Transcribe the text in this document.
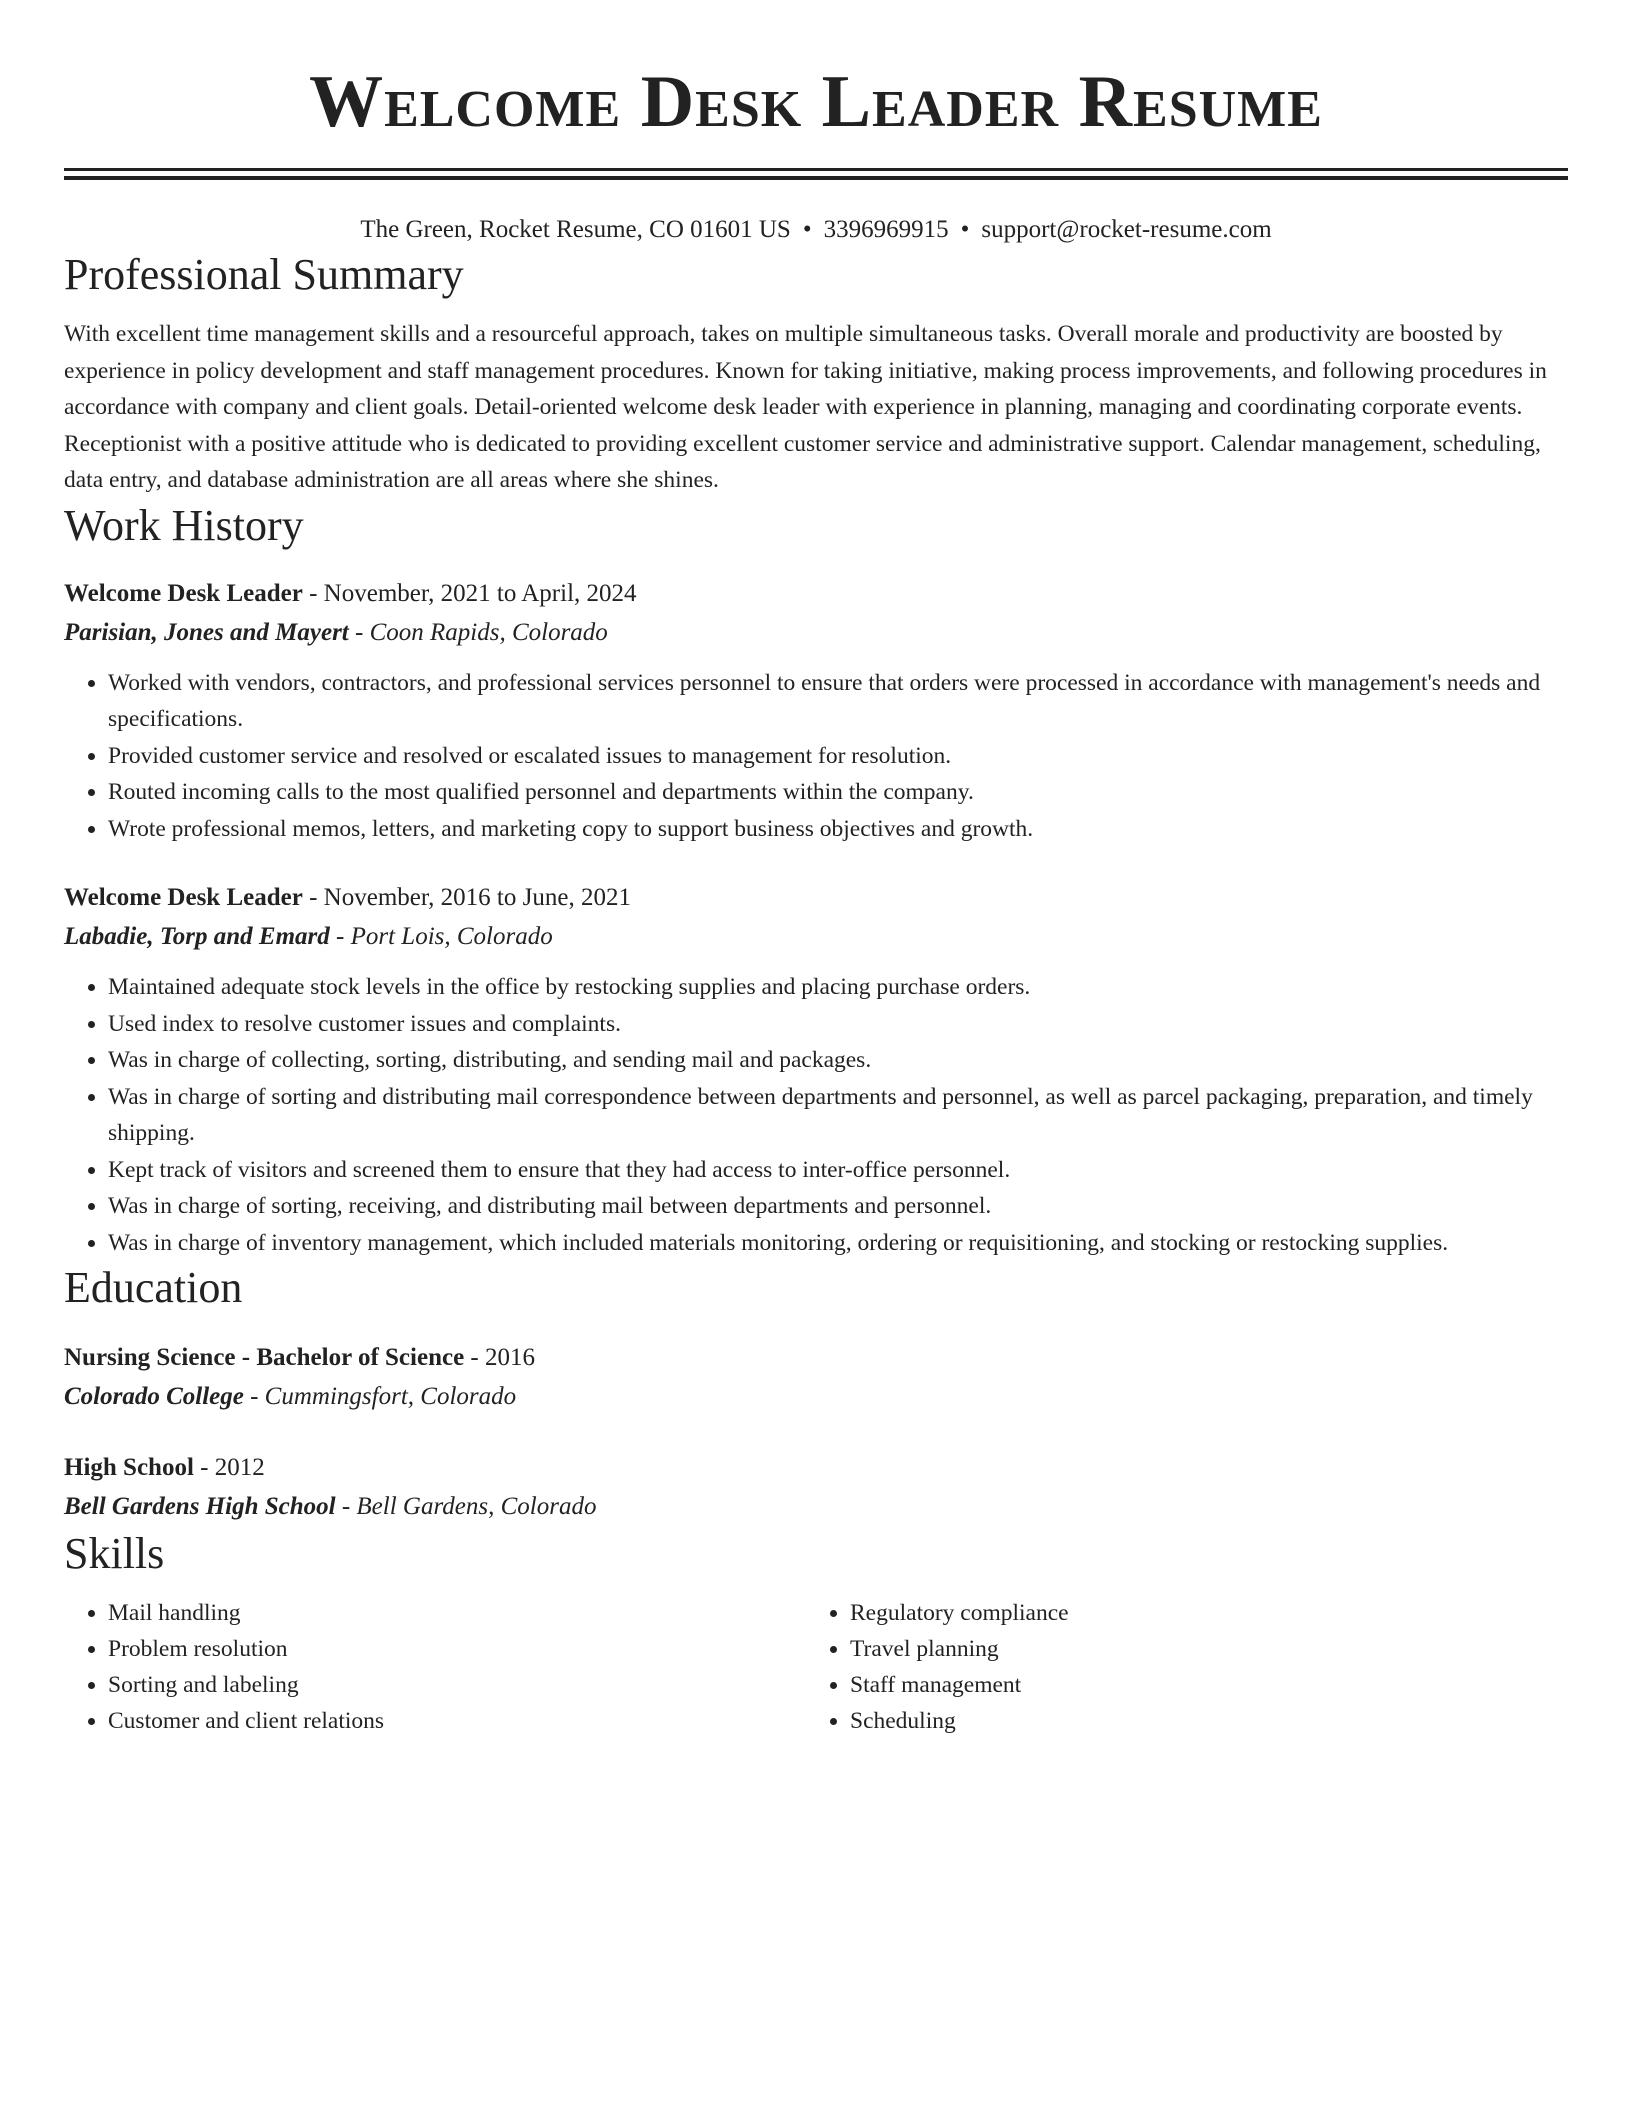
Welcome Desk Leader Resume
The Green, Rocket Resume, CO 01601 US • 3396969915 • support@rocket-resume.com
Professional Summary

With excellent time management skills and a resourceful approach, takes on multiple simultaneous tasks. Overall morale and productivity are boosted by experience in policy development and staff management procedures. Known for taking initiative, making process improvements, and following procedures in accordance with company and client goals. Detail-oriented welcome desk leader with experience in planning, managing and coordinating corporate events. Receptionist with a positive attitude who is dedicated to providing excellent customer service and administrative support. Calendar management, scheduling, data entry, and database administration are all areas where she shines.

Work History
Welcome Desk Leader - November, 2021 to April, 2024
Parisian, Jones and Mayert - Coon Rapids, Colorado
• Worked with vendors, contractors, and professional services personnel to ensure that orders were processed in accordance with management's needs and specifications.
• Provided customer service and resolved or escalated issues to management for resolution.
• Routed incoming calls to the most qualified personnel and departments within the company.
• Wrote professional memos, letters, and marketing copy to support business objectives and growth.
Welcome Desk Leader - November, 2016 to June, 2021
Labadie, Torp and Emard - Port Lois, Colorado
• Maintained adequate stock levels in the office by restocking supplies and placing purchase orders.
• Used index to resolve customer issues and complaints.
• Was in charge of collecting, sorting, distributing, and sending mail and packages.
• Was in charge of sorting and distributing mail correspondence between departments and personnel, as well as parcel packaging, preparation, and timely shipping.
• Kept track of visitors and screened them to ensure that they had access to inter-office personnel.
• Was in charge of sorting, receiving, and distributing mail between departments and personnel.
• Was in charge of inventory management, which included materials monitoring, ordering or requisitioning, and stocking or restocking supplies.
Education
Nursing Science - Bachelor of Science - 2016
Colorado College - Cummingsfort, Colorado
High School - 2012
Bell Gardens High School - Bell Gardens, Colorado
Skills
• Mail handling
• Problem resolution
• Sorting and labeling
• Customer and client relations
• Regulatory compliance
• Travel planning
• Staff management
• Scheduling
